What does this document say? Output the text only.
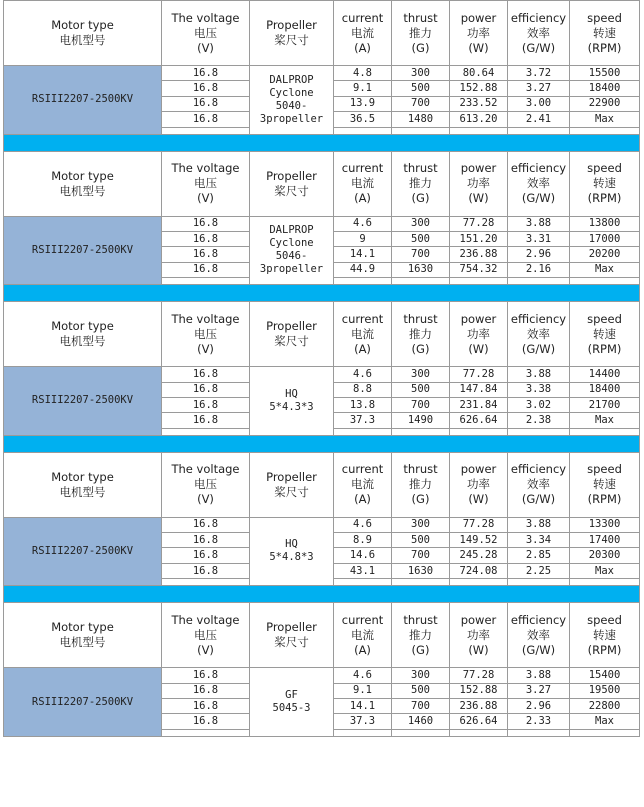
Motor type
电机型号	The voltage
电压
(V)	Propeller
桨尺寸	current
电流
(A)	thrust
推力
(G)	power
功率
(W)	efficiency
效率
(G/W)	speed
转速
(RPM)

RSIII2207-2500KV	16.8	DALPROP
Cyclone
5040-
3propeller	4.8	300	80.64	3.72	15500
	16.8		9.1	500	152.88	3.27	18400
	16.8		13.9	700	233.52	3.00	22900
	16.8		36.5	1480	613.20	2.41	Max

Motor type
电机型号	The voltage
电压
(V)	Propeller
桨尺寸	current
电流
(A)	thrust
推力
(G)	power
功率
(W)	efficiency
效率
(G/W)	speed
转速
(RPM)

RSIII2207-2500KV	16.8	DALPROP
Cyclone
5046-
3propeller	4.6	300	77.28	3.88	13800
	16.8		9	500	151.20	3.31	17000
	16.8		14.1	700	236.88	2.96	20200
	16.8		44.9	1630	754.32	2.16	Max

Motor type
电机型号	The voltage
电压
(V)	Propeller
桨尺寸	current
电流
(A)	thrust
推力
(G)	power
功率
(W)	efficiency
效率
(G/W)	speed
转速
(RPM)

RSIII2207-2500KV	16.8	HQ
5*4.3*3	4.6	300	77.28	3.88	14400
	16.8		8.8	500	147.84	3.38	18400
	16.8		13.8	700	231.84	3.02	21700
	16.8		37.3	1490	626.64	2.38	Max

Motor type
电机型号	The voltage
电压
(V)	Propeller
桨尺寸	current
电流
(A)	thrust
推力
(G)	power
功率
(W)	efficiency
效率
(G/W)	speed
转速
(RPM)

RSIII2207-2500KV	16.8	HQ
5*4.8*3	4.6	300	77.28	3.88	13300
	16.8		8.9	500	149.52	3.34	17400
	16.8		14.6	700	245.28	2.85	20300
	16.8		43.1	1630	724.08	2.25	Max

Motor type
电机型号	The voltage
电压
(V)	Propeller
桨尺寸	current
电流
(A)	thrust
推力
(G)	power
功率
(W)	efficiency
效率
(G/W)	speed
转速
(RPM)

RSIII2207-2500KV	16.8	GF
5045-3	4.6	300	77.28	3.88	15400
	16.8		9.1	500	152.88	3.27	19500
	16.8		14.1	700	236.88	2.96	22800
	16.8		37.3	1460	626.64	2.33	Max
